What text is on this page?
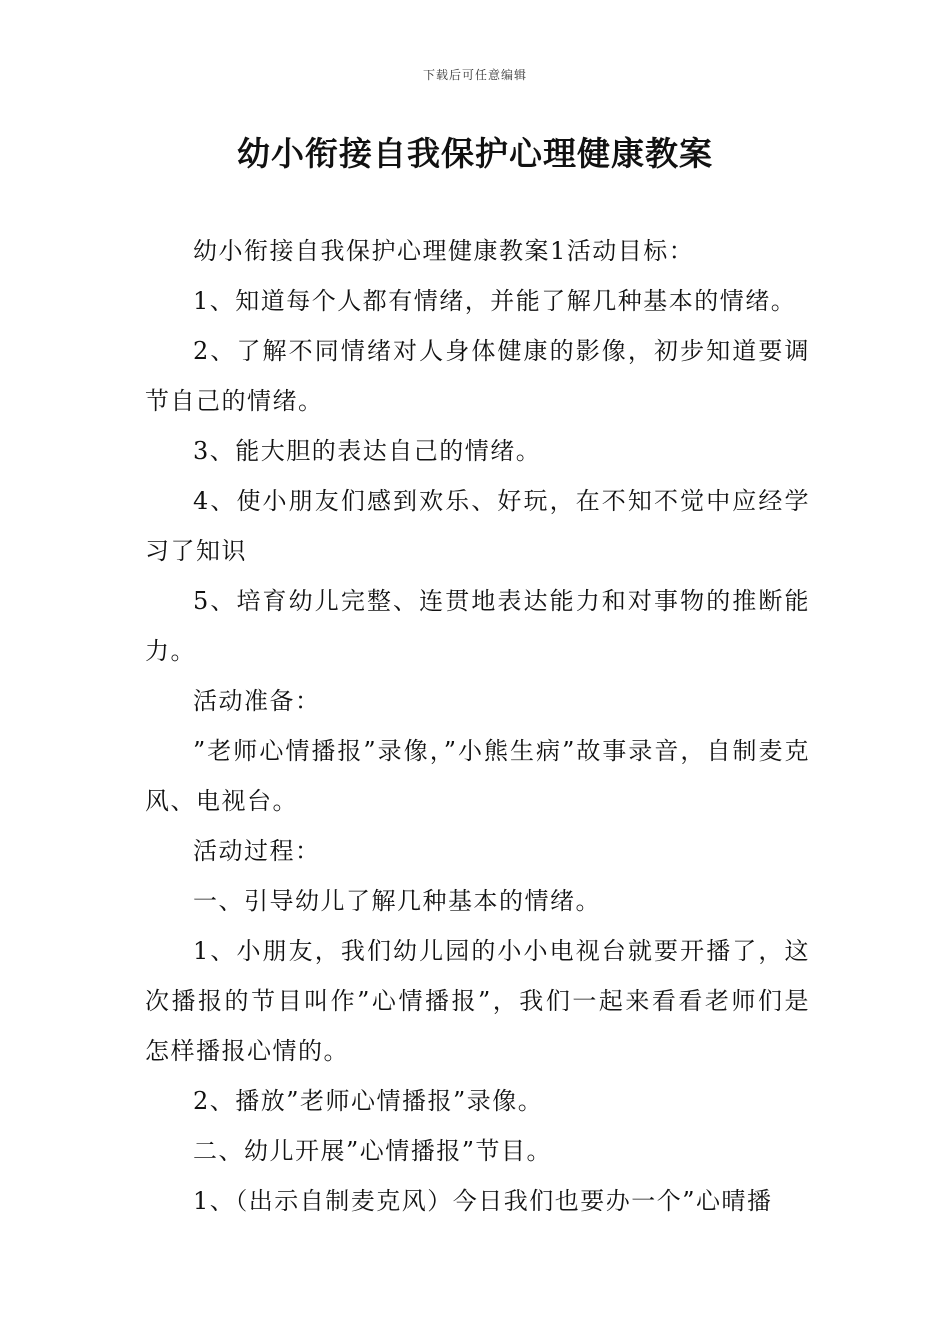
下载后可任意编辑
幼小衔接自我保护心理健康教案

幼小衔接自我保护心理健康教案1活动目标：

1、知道每个人都有情绪，并能了解几种基本的情绪。

2、了解不同情绪对人身体健康的影像，初步知道要调节自己的情绪。

3、能大胆的表达自己的情绪。

4、使小朋友们感到欢乐、好玩，在不知不觉中应经学习了知识

5、培育幼儿完整、连贯地表达能力和对事物的推断能力。

活动准备：

”老师心情播报”录像，”小熊生病”故事录音，自制麦克风、电视台。

活动过程：

一、引导幼儿了解几种基本的情绪。

1、小朋友，我们幼儿园的小小电视台就要开播了，这次播报的节目叫作”心情播报”，我们一起来看看老师们是怎样播报心情的。

2、播放”老师心情播报”录像。

二、幼儿开展”心情播报”节目。

1、（出示自制麦克风）今日我们也要办一个”心晴播
